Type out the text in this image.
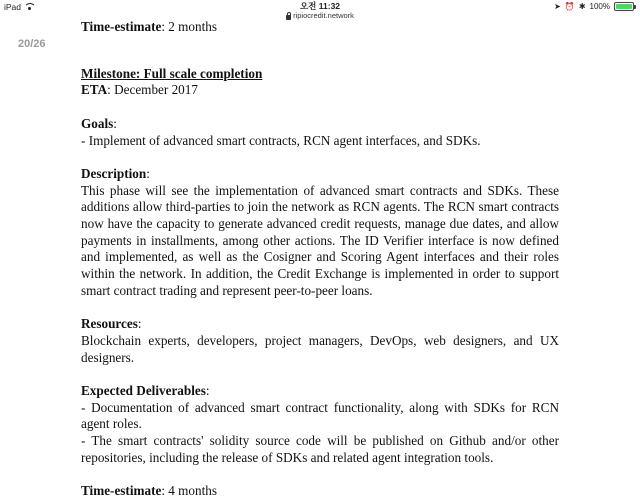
iPad	오전 11:32
ripiocredit.network
➤ ⏰ ✱ 100%
20/26
Time-estimate: 2 months
Milestone: Full scale completion
ETA: December 2017
Goals:
- Implement of advanced smart contracts, RCN agent interfaces, and SDKs.
Description:
This phase will see the implementation of advanced smart contracts and SDKs. These additions allow third-parties to join the network as RCN agents. The RCN smart contracts now have the capacity to generate advanced credit requests, manage due dates, and allow payments in installments, among other actions. The ID Verifier interface is now defined and implemented, as well as the Cosigner and Scoring Agent interfaces and their roles within the network. In addition, the Credit Exchange is implemented in order to support smart contract trading and represent peer-to-peer loans.
Resources:
Blockchain experts, developers, project managers, DevOps, web designers, and UX designers.
Expected Deliverables:
- Documentation of advanced smart contract functionality, along with SDKs for RCN agent roles.
- The smart contracts' solidity source code will be published on Github and/or other repositories, including the release of SDKs and related agent integration tools.
Time-estimate: 4 months
